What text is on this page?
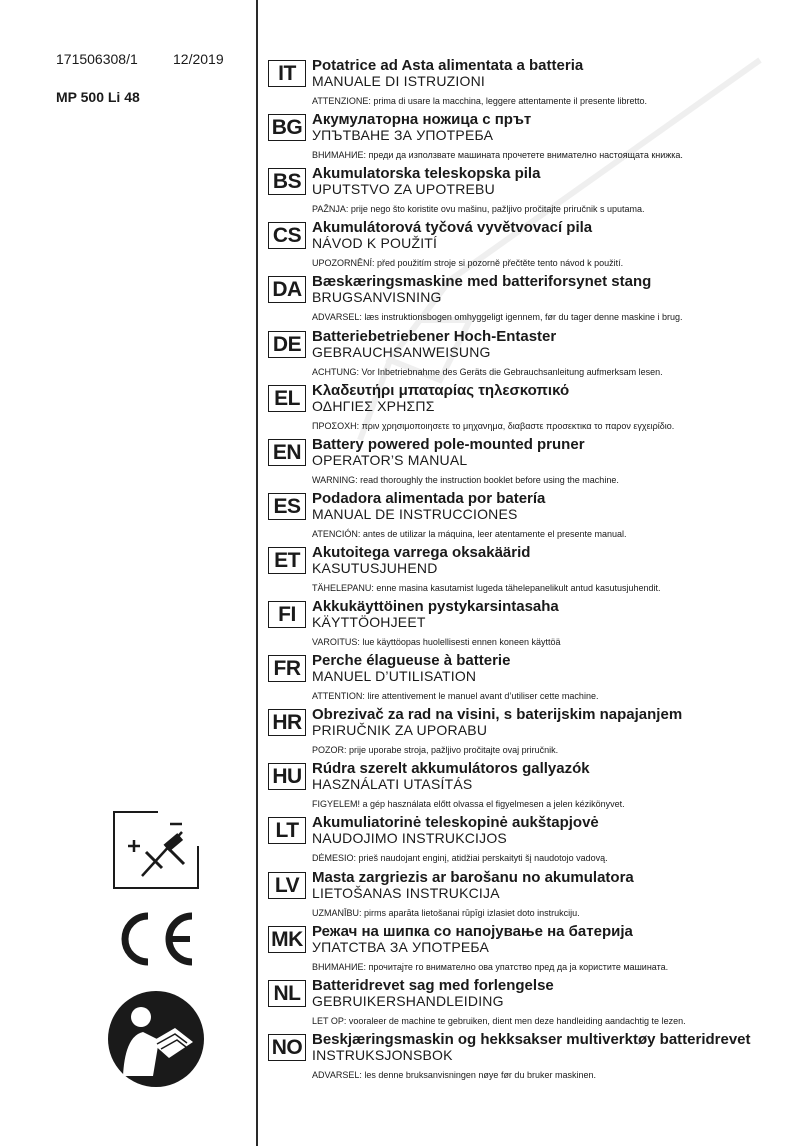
171506308/1	12/2019
MP 500 Li 48
IT	Potatrice ad Asta alimentata a batteria
MANUALE DI ISTRUZIONI
ATTENZIONE: prima di usare la macchina, leggere attentamente il presente libretto.
BG Акумулаторна ножица с прът
УПЪТВАНЕ ЗА УПОТРЕБА
ВНИМАНИЕ: преди да използвате машината прочетете внимателно настоящата книжка.
BS Akumulatorska teleskopska pila
UPUTSTVO ZA UPOTREBU
PAŽNJA: prije nego što koristite ovu mašinu, pažljivo pročitajte priručnik s uputama.
CS Akumulátorová tyčová vyvětvovací pila
NÁVOD K POUŽITÍ
UPOZORNĚNÍ: před použitím stroje si pozorně přečtěte tento návod k použití.
DA Bæskæringsmaskine med batteriforsynet stang
BRUGSANVISNING
ADVARSEL: læs instruktionsbogen omhyggeligt igennem, før du tager denne maskine i brug.
DE Batteriebetriebener Hoch-Entaster
GEBRAUCHSANWEISUNG
ACHTUNG: Vor Inbetriebnahme des Geräts die Gebrauchsanleitung aufmerksam lesen.
EL Κλαδευτήρι μπαταρίας τηλεσκοπικό
ΟΔΗΓΙΕΣ ΧΡΗΣΠΣ
ΠΡΟΣΟΧΗ: πριν χρησιμοποιησετε το μηχανημα, διαβαστε προσεκτικα το παρον εγχειρίδιο.
EN Battery powered pole-mounted pruner
OPERATOR’S MANUAL
WARNING: read thoroughly the instruction booklet before using the machine.
ES Podadora alimentada por batería
MANUAL DE INSTRUCCIONES
ATENCIÓN: antes de utilizar la máquina, leer atentamente el presente manual.
ET Akutoitega varrega oksakäärid
KASUTUSJUHEND
TÄHELEPANU: enne masina kasutamist lugeda tähelepanelikult antud kasutusjuhendit.
FI	Akkukäyttöinen pystykarsintasaha
KÄYTTÖOHJEET
VAROITUS: lue käyttöopas huolellisesti ennen koneen käyttöä
FR Perche élagueuse à batterie
MANUEL D’UTILISATION
ATTENTION: lire attentivement le manuel avant d’utiliser cette machine.
HR Obrezivač za rad na visini, s baterijskim napajanjem
PRIRUČNIK ZA UPORABU
POZOR: prije uporabe stroja, pažljivo pročitajte ovaj priručnik.
HU Rúdra szerelt akkumulátoros gallyazók
HASZNÁLATI UTASÍTÁS
FIGYELEM! a gép használata előtt olvassa el figyelmesen a jelen kézikönyvet.
LT Akumuliatorinė teleskopinė aukštapjovė
NAUDOJIMO INSTRUKCIJOS
DĖMESIO: prieš naudojant enginį, atidžiai perskaityti šį naudotojo vadovą.
LV Masta zargriezis ar barošanu no akumulatora
LIETOŠANAS INSTRUKCIJA
UZMANĪBU: pirms aparāta lietošanai rūpīgi izlasiet doto instrukciju.
MK Режач на шипка со напојување на батерија
УПАТСТВА ЗА УПОТРЕБА
ВНИМАНИЕ: прочитајте го внимателно ова упатство пред да ја користите машината.
NL Batteridrevet sag med forlengelse
GEBRUIKERSHANDLEIDING
LET OP: vooraleer de machine te gebruiken, dient men deze handleiding aandachtig te lezen.
NO Beskjæringsmaskin og hekksakser multiverktøy batteridrevet
INSTRUKSJONSBOK
ADVARSEL: les denne bruksanvisningen nøye før du bruker maskinen.
